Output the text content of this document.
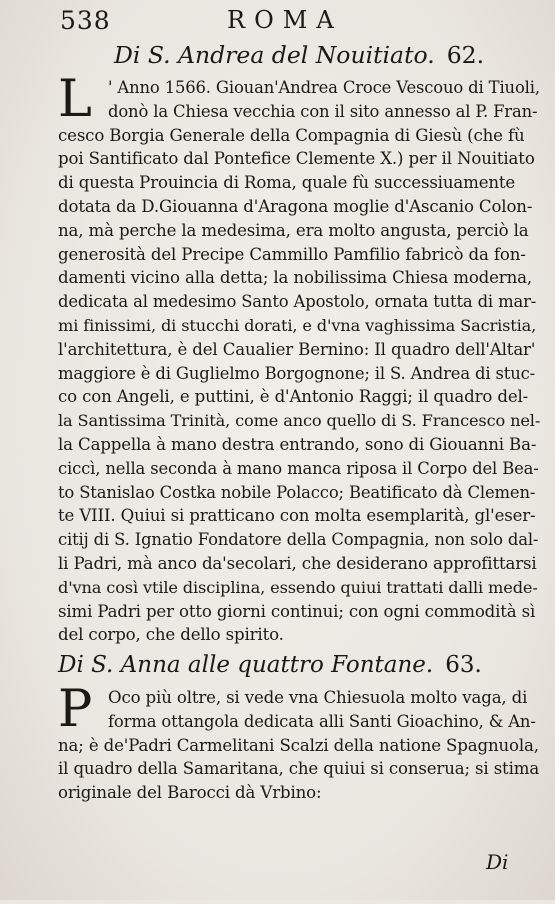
538	ROMA
Di S. Andrea del Nouitiato. 62.
L ' Anno 1566. Giouan'Andrea Croce Vescouo di Tiuoli,
donò la Chiesa vecchia con il sito annesso al P. Fran-
cesco Borgia Generale della Compagnia di Giesù (che fù
poi Santificato dal Pontefice Clemente X.) per il Nouitiato
di questa Prouincia di Roma, quale fù successiuamente
dotata da D.Giouanna d'Aragona moglie d'Ascanio Colon-
na, mà perche la medesima, era molto angusta, perciò la
generosità del Precipe Cammillo Pamfilio fabricò da fon-
damenti vicino alla detta; la nobilissima Chiesa moderna,
dedicata al medesimo Santo Apostolo, ornata tutta di mar-
mi finissimi, di stucchi dorati, e d'vna vaghissima Sacristia,
l'architettura, è del Caualier Bernino: Il quadro dell'Altar'
maggiore è di Guglielmo Borgognone; il S. Andrea di stuc-
co con Angeli, e puttini, è d'Antonio Raggi; il quadro del-
la Santissima Trinità, come anco quello di S. Francesco nel-
la Cappella à mano destra entrando, sono di Giouanni Ba-
ciccì, nella seconda à mano manca riposa il Corpo del Bea-
to Stanislao Costka nobile Polacco; Beatificato dà Clemen-
te VIII. Quiui si pratticano con molta esemplarità, gl'eser-
citij di S. Ignatio Fondatore della Compagnia, non solo dal-
li Padri, mà anco da'secolari, che desiderano approfittarsi
d'vna così vtile disciplina, essendo quiui trattati dalli mede-
simi Padri per otto giorni continui; con ogni commodità sì
del corpo, che dello spirito.
Di S. Anna alle quattro Fontane. 63.
P Oco più oltre, si vede vna Chiesuola molto vaga, di
forma ottangola dedicata alli Santi Gioachino, & An-
na; è de'Padri Carmelitani Scalzi della natione Spagnuola,
il quadro della Samaritana, che quiui si conserua; si stima
originale del Barocci dà Vrbino:
Di
